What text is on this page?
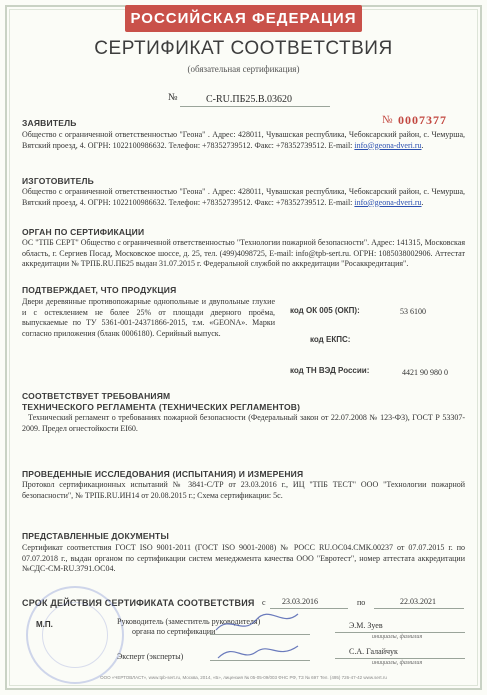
РОССИЙСКАЯ ФЕДЕРАЦИЯ
СЕРТИФИКАТ СООТВЕТСТВИЯ
(обязательная сертификация)
№	С-RU.ПБ25.В.03620
№ 0007377
ЗАЯВИТЕЛЬ
Общество с ограниченной ответственностью "Геона" . Адрес: 428011, Чувашская республика, Чебоксарский район, с. Чемурша, Вятский проезд, 4. ОГРН: 1022100986632. Телефон: +78352739512. Факс: +78352739512. E-mail: info@geona-dveri.ru.
ИЗГОТОВИТЕЛЬ
Общество с ограниченной ответственностью "Геона" . Адрес: 428011, Чувашская республика, Чебоксарский район, с. Чемурша, Вятский проезд, 4. ОГРН: 1022100986632. Телефон: +78352739512. Факс: +78352739512. E-mail: info@geona-dveri.ru.
ОРГАН ПО СЕРТИФИКАЦИИ
ОС "ТПБ СЕРТ" Общество с ограниченной ответственностью "Технологии пожарной безопасности". Адрес: 141315, Московская область, г. Сергиев Посад, Московское шоссе, д. 25, тел. (499)4098725, E-mail: info@tpb-sert.ru. ОГРН: 1085038002906. Аттестат аккредитации № ТРПБ.RU.ПБ25 выдан 31.07.2015 г. Федеральной службой по аккредитации "Росаккредитация".
ПОДТВЕРЖДАЕТ, ЧТО ПРОДУКЦИЯ
Двери деревянные противопожарные однопольные и двупольные глухие и с остеклением не более 25% от площади дверного проёма, выпускаемые по ТУ 5361-001-24371866-2015, т.м. «GEONA». Марки согласно приложения (бланк 0006180). Серийный выпуск.
код ОК 005 (ОКП):	53 6100
код ЕКПС:
код ТН ВЭД России:	4421 90 980 0
СООТВЕТСТВУЕТ ТРЕБОВАНИЯМ
ТЕХНИЧЕСКОГО РЕГЛАМЕНТА (ТЕХНИЧЕСКИХ РЕГЛАМЕНТОВ)
Технический регламент о требованиях пожарной безопасности (Федеральный закон от 22.07.2008 № 123-ФЗ), ГОСТ Р 53307-2009. Предел огнестойкости EI60.
ПРОВЕДЕННЫЕ ИССЛЕДОВАНИЯ (ИСПЫТАНИЯ) И ИЗМЕРЕНИЯ
Протокол сертификационных испытаний № 3841-С/ТР от 23.03.2016 г., ИЦ "ТПБ ТЕСТ" ООО "Технологии пожарной безопасности", № ТРПБ.RU.ИН14 от 20.08.2015 г.; Схема сертификации: 5с.
ПРЕДСТАВЛЕННЫЕ ДОКУМЕНТЫ
Сертификат соответствия ГОСТ ISO 9001-2011 (ГОСТ ISO 9001-2008) № РОСС RU.ОС04.СМК.00237 от 07.07.2015 г. по 07.07.2018 г., выдан органом по сертификации систем менеджмента качества ООО "Евротест", номер аттестата аккредитации №СДС-СМ-RU.3791.ОС04.
СРОК ДЕЙСТВИЯ СЕРТИФИКАТА СООТВЕТСТВИЯ с 23.03.2016	по	22.03.2021
М.П.	Руководитель (заместитель руководителя)
органа по сертификации
Э.М. Зуев
инициалы, фамилия
Эксперт (эксперты)
С.А. Галайчук
инициалы, фамилия
ООО «ЧЕРТОВЛАСТ», www.tpb-sert.ru, Москва, 2014, «Б», лицензия № 05-05-09/003 ФНС РФ, ТЗ № 697 Тел. (495) 726-47-42 www.sert.ru
